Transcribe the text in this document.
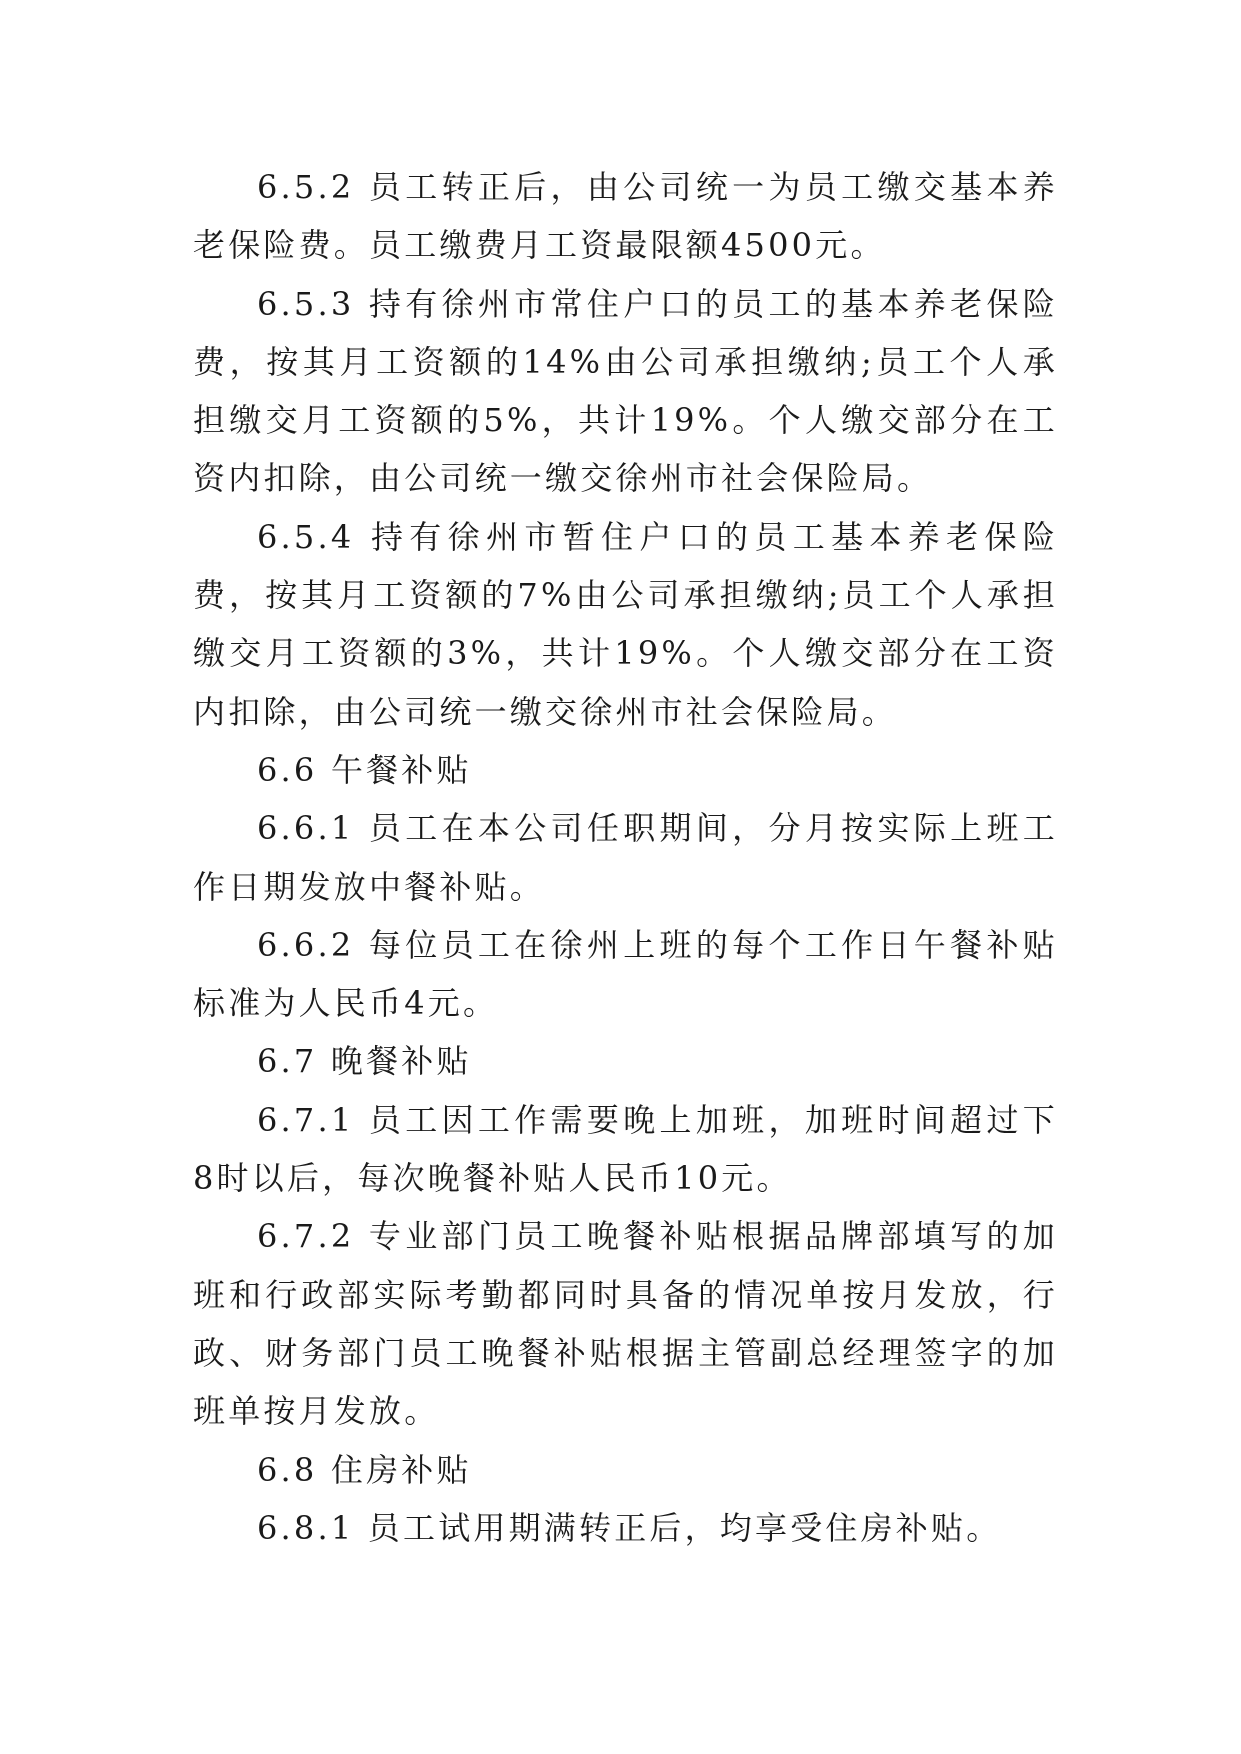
6.5.2 员工转正后，由公司统一为员工缴交基本养老保险费。员工缴费月工资最限额4500元。

6.5.3 持有徐州市常住户口的员工的基本养老保险费，按其月工资额的14%由公司承担缴纳;员工个人承担缴交月工资额的5%，共计19%。个人缴交部分在工资内扣除，由公司统一缴交徐州市社会保险局。

6.5.4 持有徐州市暂住户口的员工基本养老保险费，按其月工资额的7%由公司承担缴纳;员工个人承担缴交月工资额的3%，共计19%。个人缴交部分在工资内扣除，由公司统一缴交徐州市社会保险局。

6.6 午餐补贴

6.6.1 员工在本公司任职期间，分月按实际上班工作日期发放中餐补贴。

6.6.2 每位员工在徐州上班的每个工作日午餐补贴标准为人民币4元。

6.7 晚餐补贴

6.7.1 员工因工作需要晚上加班，加班时间超过下8时以后，每次晚餐补贴人民币10元。

6.7.2 专业部门员工晚餐补贴根据品牌部填写的加班和行政部实际考勤都同时具备的情况单按月发放，行政、财务部门员工晚餐补贴根据主管副总经理签字的加班单按月发放。

6.8 住房补贴

6.8.1 员工试用期满转正后，均享受住房补贴。
